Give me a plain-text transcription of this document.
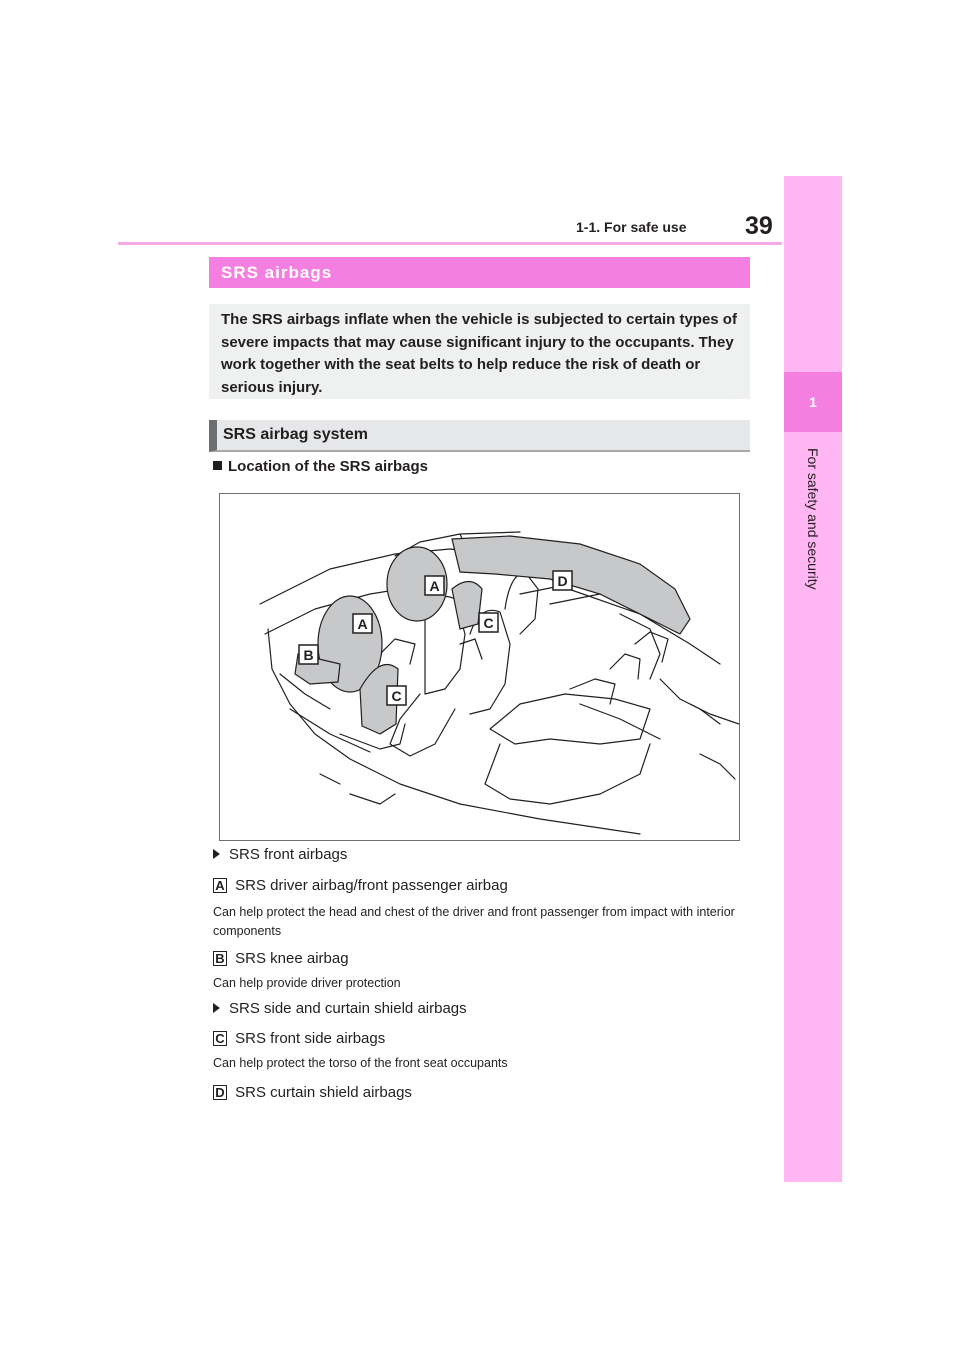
1-1. For safe use 39
1
For safety and security
SRS airbags
The SRS airbags inflate when the vehicle is subjected to certain types of severe impacts that may cause significant injury to the occupants. They work together with the seat belts to help reduce the risk of death or serious injury.
SRS airbag system
Location of the SRS airbags
A
A
B
C
C
D
SRS front airbags
A SRS driver airbag/front passenger airbag
Can help protect the head and chest of the driver and front passenger from impact with interior components
B SRS knee airbag
Can help provide driver protection
SRS side and curtain shield airbags
C SRS front side airbags
Can help protect the torso of the front seat occupants
D SRS curtain shield airbags
